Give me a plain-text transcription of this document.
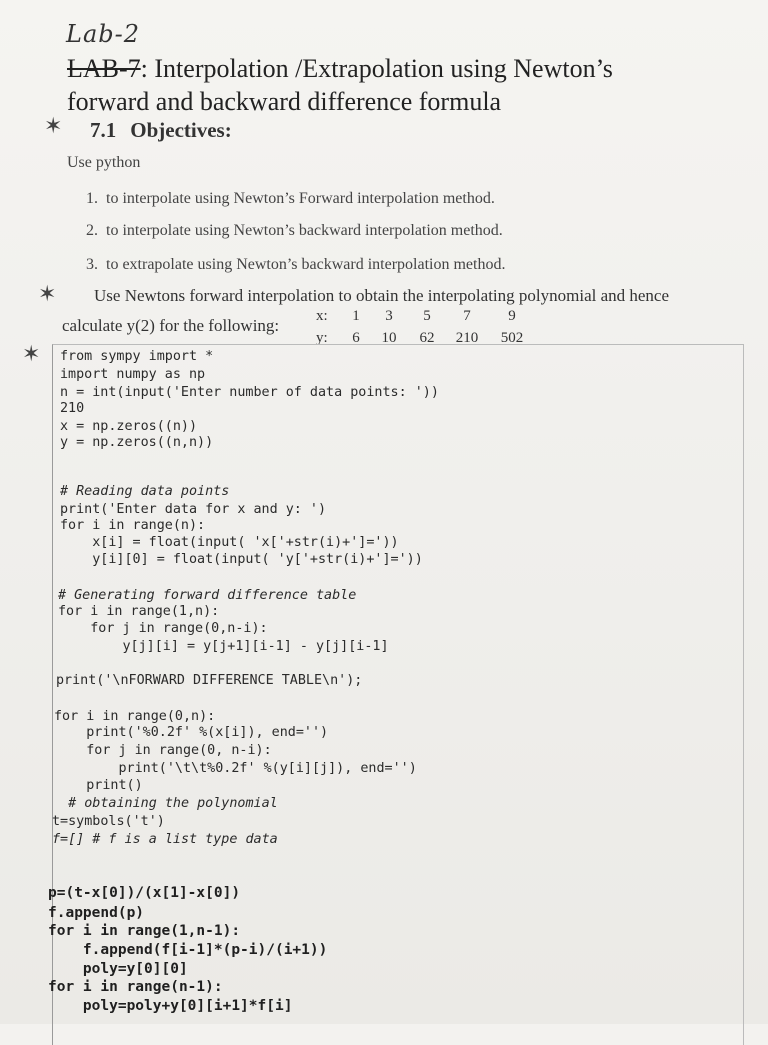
Lab-2
LAB-7: Interpolation /Extrapolation using Newton’s
forward and backward difference formula
✶ 7.1 Objectives:
Use python
1. to interpolate using Newton’s Forward interpolation method.
2. to interpolate using Newton’s backward interpolation method.
3. to extrapolate using Newton’s backward interpolation method.
✶ Use Newtons forward interpolation to obtain the interpolating polynomial and hence
calculate y(2) for the following: x: 1 3 5 7	9
y: 6 10 62 210 502
✶ from sympy import *
import numpy as np
n = int(input('Enter number of data points: '))
210
x = np.zeros((n))
y = np.zeros((n,n))
# Reading data points
print('Enter data for x and y: ')
for i in range(n):
x[i] = float(input( 'x['+str(i)+']='))
y[i][0] = float(input( 'y['+str(i)+']='))
# Generating forward difference table
for i in range(1,n):
for j in range(0,n-i):
y[j][i] = y[j+1][i-1] - y[j][i-1]
print('\nFORWARD DIFFERENCE TABLE\n');
for i in range(0,n):
print('%0.2f' %(x[i]), end='')
for j in range(0, n-i):
print('\t\t%0.2f' %(y[i][j]), end='')
print()
# obtaining the polynomial
t=symbols('t')
f=[] # f is a list type data
p=(t-x[0])/(x[1]-x[0])
f.append(p)
for i in range(1,n-1):
f.append(f[i-1]*(p-i)/(i+1))
poly=y[0][0]
for i in range(n-1):
poly=poly+y[0][i+1]*f[i]
